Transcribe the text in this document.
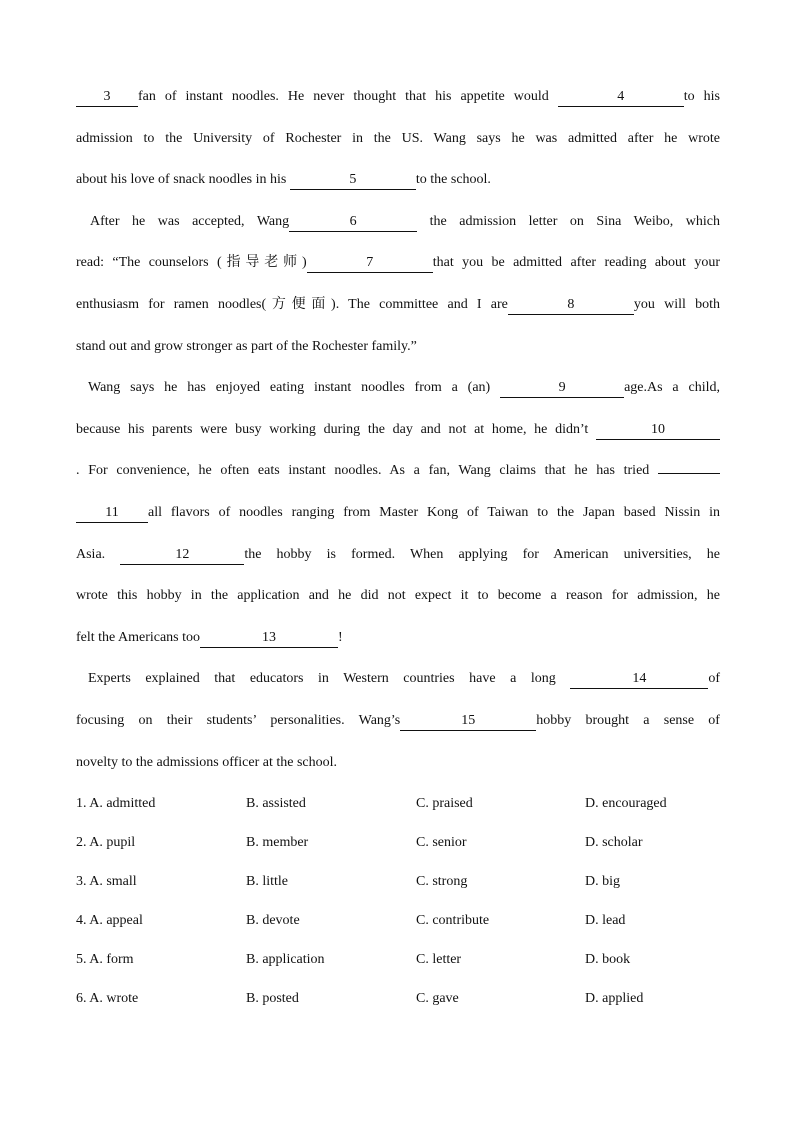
3 fan of instant noodles. He never thought that his appetite would	4	to his
admission to the University of Rochester in the US. Wang says he was admitted after he wrote
about his love of snack noodles in his	5	to the school.
After he was accepted, Wang	6	the admission letter on Sina Weibo, which
read: “The counselors (指导老师)	7	that you be admitted after reading about your
enthusiasm for ramen noodles(方便面). The committee and I are	8	you will both
stand out and grow stronger as part of the Rochester family.”
Wang says he has enjoyed eating instant noodles from a (an)	9	age.As a child,
because his parents were busy working during the day and not at home, he didn’t	10
. For convenience, he often eats instant noodles. As a fan, Wang claims that he has tried
11 all flavors of noodles ranging from Master Kong of Taiwan to the Japan based Nissin in
Asia.	12	the hobby is formed. When applying for American universities, he
wrote this hobby in the application and he did not expect it to become a reason for admission, he
felt the Americans too	13	!
Experts explained that educators in Western countries have a long	14	of
focusing on their students’ personalities. Wang’s	15	hobby brought a sense of
novelty to the admissions officer at the school.
1. A. admitted	B. assisted	C. praised	D. encouraged
2. A. pupil	B. member	C. senior	D. scholar
3. A. small	B. little	C. strong	D. big
4. A. appeal	B. devote	C. contribute	D. lead
5. A. form	B. application	C. letter	D. book
6. A. wrote	B. posted	C. gave	D. applied
